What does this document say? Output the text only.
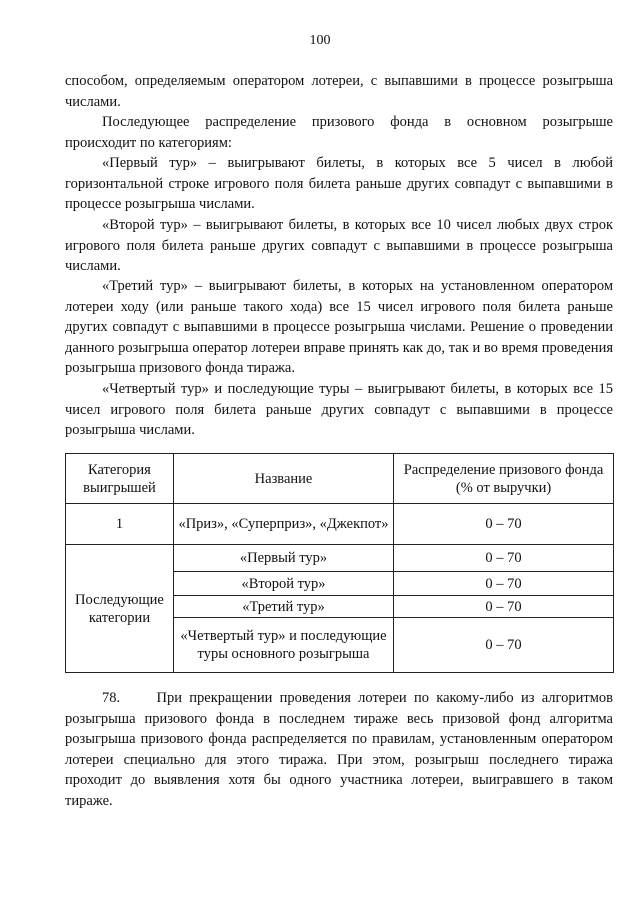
100

способом, определяемым оператором лотереи, с выпавшими в процессе розыгрыша числами.

Последующее распределение призового фонда в основном розыгрыше происходит по категориям:

«Первый тур» – выигрывают билеты, в которых все 5 чисел в любой горизонтальной строке игрового поля билета раньше других совпадут с выпавшими в процессе розыгрыша числами.

«Второй тур» – выигрывают билеты, в которых все 10 чисел любых двух строк игрового поля билета раньше других совпадут с выпавшими в процессе розыгрыша числами.

«Третий тур» – выигрывают билеты, в которых на установленном оператором лотереи ходу (или раньше такого хода) все 15 чисел игрового поля билета раньше других совпадут с выпавшими в процессе розыгрыша числами. Решение о проведении данного розыгрыша оператор лотереи вправе принять как до, так и во время проведения розыгрыша призового фонда тиража.

«Четвертый тур» и последующие туры – выигрывают билеты, в которых все 15 чисел игрового поля билета раньше других совпадут с выпавшими в процессе розыгрыша числами.

Категория выигрышей	Название	Распределение призового фонда (% от выручки)
1	«Приз», «Суперприз», «Джекпот»	0 – 70
Последующие категории	«Первый тур»	0 – 70
	«Второй тур»	0 – 70
	«Третий тур»	0 – 70
	«Четвертый тур» и последующие туры основного розыгрыша	0 – 70

78.     При прекращении проведения лотереи по какому-либо из алгоритмов розыгрыша призового фонда в последнем тираже весь призовой фонд алгоритма розыгрыша призового фонда распределяется по правилам, установленным оператором лотереи специально для этого тиража. При этом, розыгрыш последнего тиража проходит до выявления хотя бы одного участника лотереи, выигравшего в таком тираже.
